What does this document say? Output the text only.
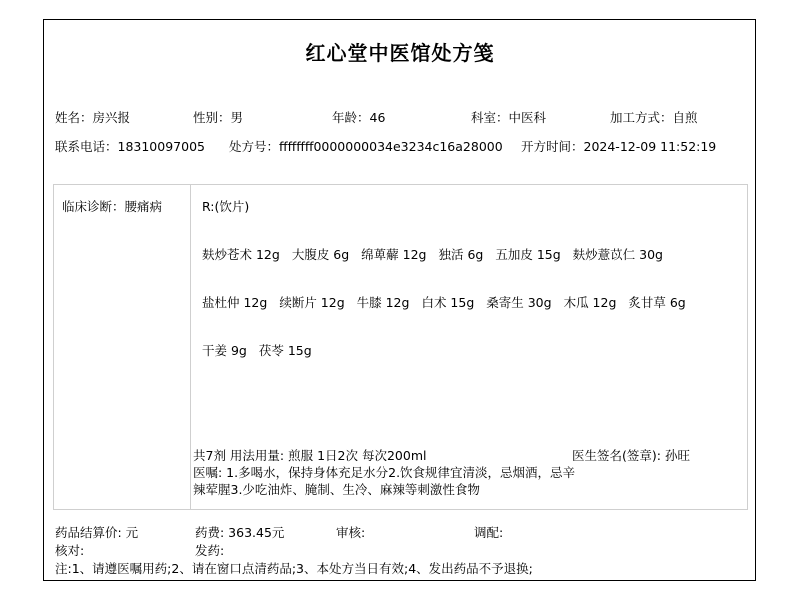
红心堂中医馆处方笺
姓名：房兴报	性别：男	年龄：46	科室：中医科	加工方式：自煎
联系电话：18310097005 处方号：ffffffff0000000034e3234c16a28000 开方时间：2024-12-09 11:52:19
临床诊断：腰痛病	R:(饮片)
麸炒苍术 12g 大腹皮 6g 绵萆薢 12g 独活 6g 五加皮 15g 麸炒薏苡仁 30g
盐杜仲 12g 续断片 12g 牛膝 12g 白术 15g 桑寄生 30g 木瓜 12g 炙甘草 6g
干姜 9g 茯苓 15g
共7剂 用法用量: 煎服 1日2次 每次200ml	医生签名(签章): 孙旺
医嘱: 1.多喝水，保持身体充足水分2.饮食规律宜清淡，忌烟酒，忌辛辣荤腥3.少吃油炸、腌制、生冷、麻辣等刺激性食物
药品结算价: 元	药费: 363.45元	审核:	调配:
核对:	发药:
注:1、请遵医嘱用药;2、请在窗口点清药品;3、本处方当日有效;4、发出药品不予退换;
